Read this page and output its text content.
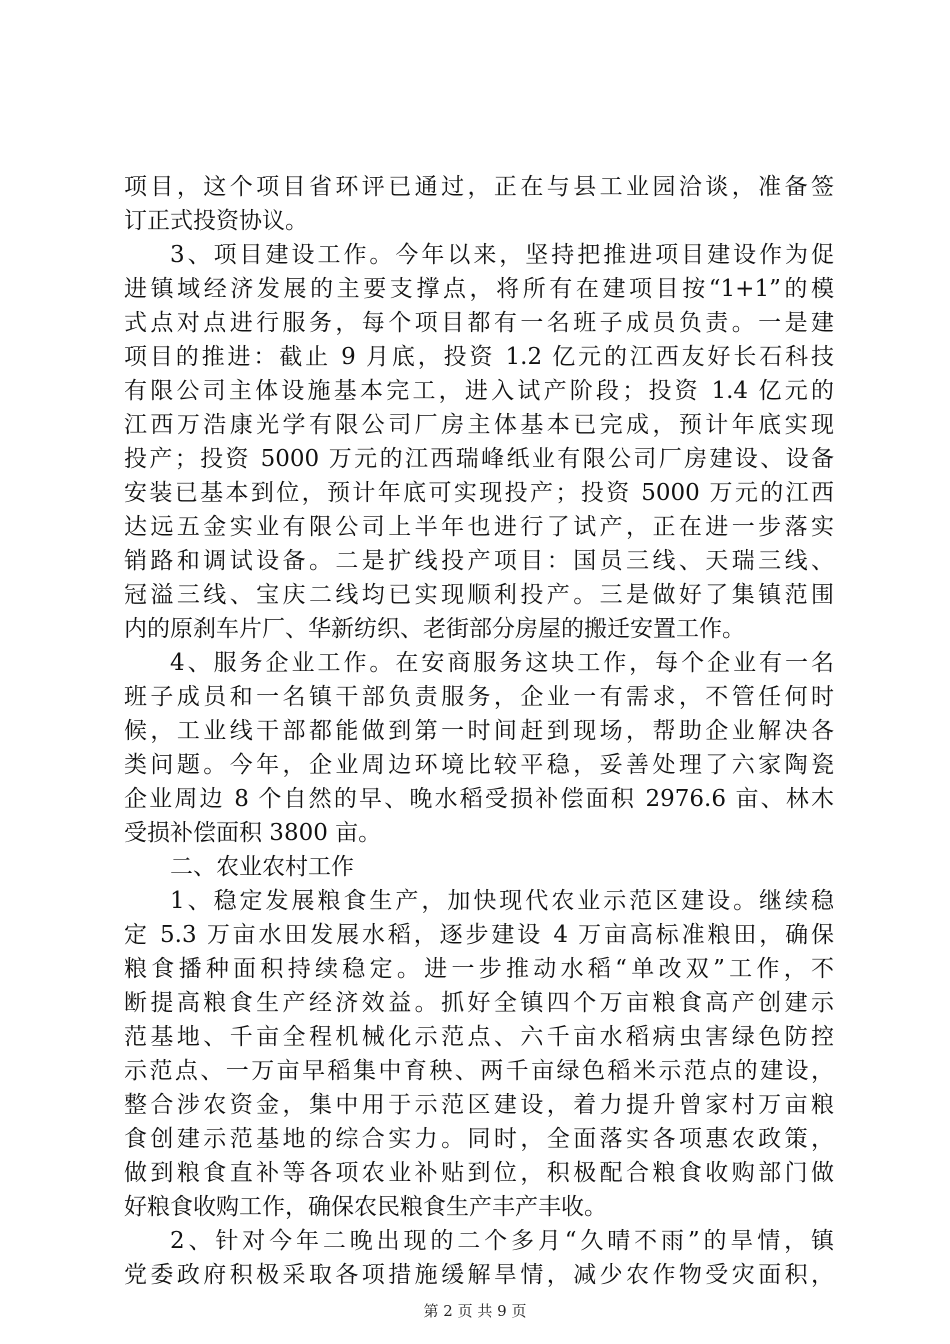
项目，这个项目省环评已通过，正在与县工业园洽谈，准备签
订正式投资协议。
3、项目建设工作。今年以来，坚持把推进项目建设作为促
进镇域经济发展的主要支撑点，将所有在建项目按“1+1”的模
式点对点进行服务，每个项目都有一名班子成员负责。一是建
项目的推进：截止 9 月底，投资 1.2 亿元的江西友好长石科技
有限公司主体设施基本完工，进入试产阶段；投资 1.4 亿元的
江西万浩康光学有限公司厂房主体基本已完成，预计年底实现
投产；投资 5000 万元的江西瑞峰纸业有限公司厂房建设、设备
安装已基本到位，预计年底可实现投产；投资 5000 万元的江西
达远五金实业有限公司上半年也进行了试产，正在进一步落实
销路和调试设备。二是扩线投产项目：国员三线、天瑞三线、
冠溢三线、宝庆二线均已实现顺利投产。三是做好了集镇范围
内的原刹车片厂、华新纺织、老街部分房屋的搬迁安置工作。
4、服务企业工作。在安商服务这块工作，每个企业有一名
班子成员和一名镇干部负责服务，企业一有需求，不管任何时
候，工业线干部都能做到第一时间赶到现场，帮助企业解决各
类问题。今年，企业周边环境比较平稳，妥善处理了六家陶瓷
企业周边 8 个自然的早、晚水稻受损补偿面积 2976.6 亩、林木
受损补偿面积 3800 亩。
二、农业农村工作
1、稳定发展粮食生产，加快现代农业示范区建设。继续稳
定 5.3 万亩水田发展水稻，逐步建设 4 万亩高标准粮田，确保
粮食播种面积持续稳定。进一步推动水稻“单改双”工作，不
断提高粮食生产经济效益。抓好全镇四个万亩粮食高产创建示
范基地、千亩全程机械化示范点、六千亩水稻病虫害绿色防控
示范点、一万亩早稻集中育秧、两千亩绿色稻米示范点的建设，
整合涉农资金，集中用于示范区建设，着力提升曾家村万亩粮
食创建示范基地的综合实力。同时，全面落实各项惠农政策，
做到粮食直补等各项农业补贴到位，积极配合粮食收购部门做
好粮食收购工作，确保农民粮食生产丰产丰收。
2、针对今年二晚出现的二个多月“久晴不雨”的旱情，镇
党委政府积极采取各项措施缓解旱情，减少农作物受灾面积，
第 2 页 共 9 页
